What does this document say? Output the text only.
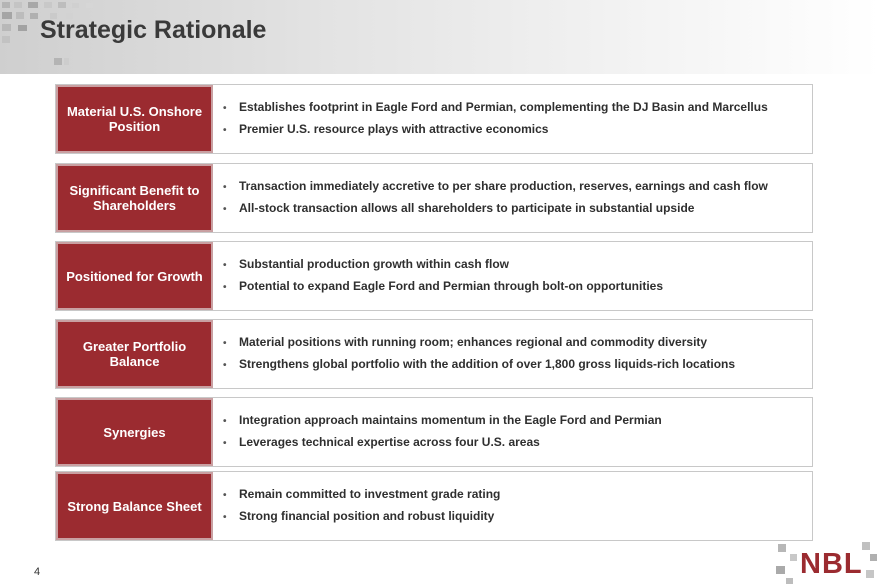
Strategic Rationale
Material U.S. Onshore Position
•	Establishes footprint in Eagle Ford and Permian, complementing the DJ Basin and Marcellus
•	Premier U.S. resource plays with attractive economics
Significant Benefit to Shareholders
•	Transaction immediately accretive to per share production, reserves, earnings and cash flow
•	All-stock transaction allows all shareholders to participate in substantial upside
Positioned for Growth
•	Substantial production growth within cash flow
•	Potential to expand Eagle Ford and Permian through bolt-on opportunities
Greater Portfolio Balance
•	Material positions with running room; enhances regional and commodity diversity
•	Strengthens global portfolio with the addition of over 1,800 gross liquids-rich locations
Synergies
•	Integration approach maintains momentum in the Eagle Ford and Permian
•	Leverages technical expertise across four U.S. areas
Strong Balance Sheet
•	Remain committed to investment grade rating
•	Strong financial position and robust liquidity
4	NBL
